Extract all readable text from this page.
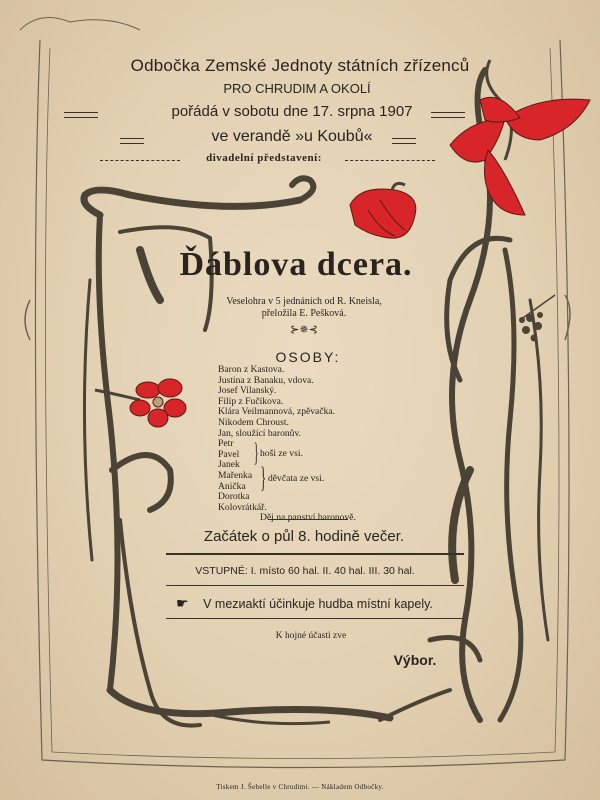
Odbočka Zemské Jednoty státních zřízenců
PRO CHRUDIM A OKOLÍ
pořádá v sobotu dne 17. srpna 1907
ve verandě »u Koubů«
divadelní představení:
Ďáblova dcera.
Veselohra v 5 jednáních od R. Kneisla,
přeložila E. Pešková.
⊱✵⊰
OSOBY:
Baron z Kastova.
Justina z Banaku, vdova.
Josef Vilanský.
Filip z Fučíkova.
Klára Veilmannová, zpěvačka.
Nikodem Chroust.
Jan, sloužící baronův.
Petr
Pavel
Janek
Mařenka
Anička
Dorotka
Kolovrátkář.
Děj na panství baronově.
} hoši ze vsi.
} děvčata ze vsi.
Začátek o půl 8. hodině večer.
VSTUPNÉ: I. místo 60 hal. II. 40 hal. III. 30 hal.
☛	V mezиaktí účinkuje hudba místní kapely.
K hojné účasti zve
Výbor.
Tiskem J. Šebelle v Chrudimi. — Nákladem Odbočky.
